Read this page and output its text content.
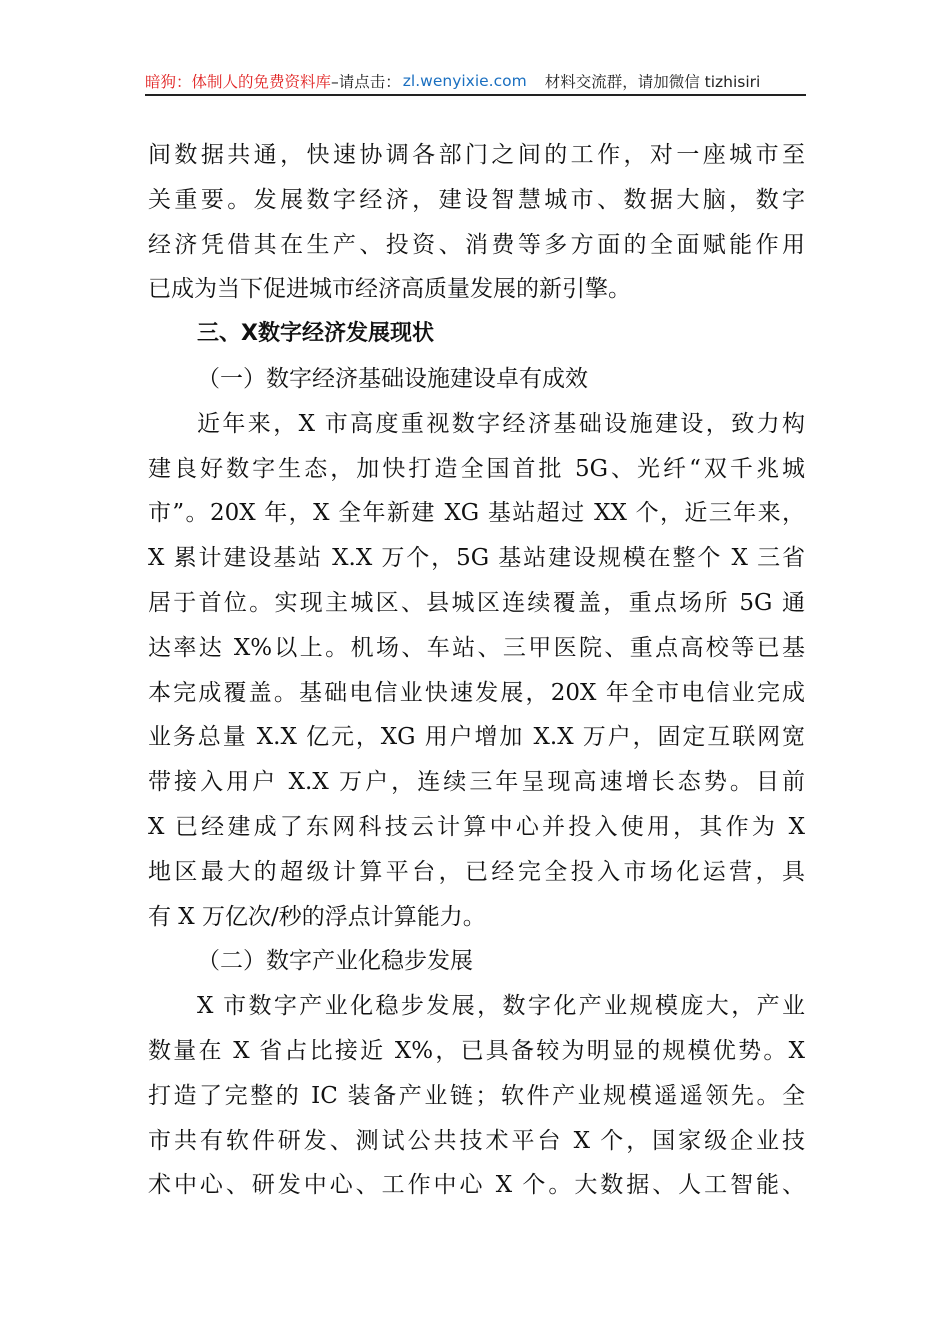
暗狗：体制人的免费资料库 –请点击： zl.wenyixie.com 材料交流群，请加微信 tizhisiri
间数据共通，快速协调各部门之间的工作，对一座城市至
关重要。发展数字经济，建设智慧城市、数据大脑，数字
经济凭借其在生产、投资、消费等多方面的全面赋能作用
已成为当下促进城市经济高质量发展的新引擎。
三、X数字经济发展现状
（一）数字经济基础设施建设卓有成效
近年来，X 市高度重视数字经济基础设施建设，致力构
建良好数字生态，加快打造全国首批 5G、光纤“双千兆城
市”。20X 年，X 全年新建 XG 基站超过 XX 个，近三年来，
X 累计建设基站 X.X 万个，5G 基站建设规模在整个 X 三省
居于首位。实现主城区、县城区连续覆盖，重点场所 5G 通
达率达 X%以上。机场、车站、三甲医院、重点高校等已基
本完成覆盖。基础电信业快速发展，20X 年全市电信业完成
业务总量 X.X 亿元，XG 用户增加 X.X 万户，固定互联网宽
带接入用户 X.X 万户，连续三年呈现高速增长态势。目前
X 已经建成了东网科技云计算中心并投入使用，其作为 X
地区最大的超级计算平台，已经完全投入市场化运营，具
有 X 万亿次/秒的浮点计算能力。
（二）数字产业化稳步发展
X 市数字产业化稳步发展，数字化产业规模庞大，产业
数量在 X 省占比接近 X%，已具备较为明显的规模优势。X
打造了完整的 IC 装备产业链；软件产业规模遥遥领先。全
市共有软件研发、测试公共技术平台 X 个，国家级企业技
术中心、研发中心、工作中心 X 个。大数据、人工智能、
